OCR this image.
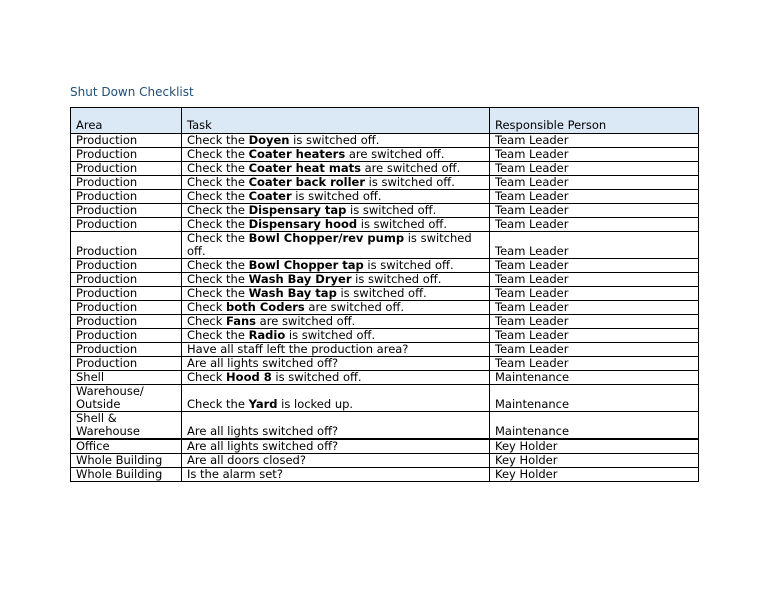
Shut Down Checklist
Area	Task	Responsible Person
Production	Check the Doyen is switched off.	Team Leader
Production	Check the Coater heaters are switched off.	Team Leader
Production	Check the Coater heat mats are switched off.	Team Leader
Production	Check the Coater back roller is switched off.	Team Leader
Production	Check the Coater is switched off.	Team Leader
Production	Check the Dispensary tap is switched off.	Team Leader
Production	Check the Dispensary hood is switched off.	Team Leader
Production	Check the Bowl Chopper/rev pump is switched off.	Team Leader
Production	Check the Bowl Chopper tap is switched off.	Team Leader
Production	Check the Wash Bay Dryer is switched off.	Team Leader
Production	Check the Wash Bay tap is switched off.	Team Leader
Production	Check both Coders are switched off.	Team Leader
Production	Check Fans are switched off.	Team Leader
Production	Check the Radio is switched off.	Team Leader
Production	Have all staff left the production area?	Team Leader
Production	Are all lights switched off?	Team Leader
Shell	Check Hood 8 is switched off.	Maintenance
Warehouse/ Outside	Check the Yard is locked up.	Maintenance
Shell & Warehouse	Are all lights switched off?	Maintenance
Office	Are all lights switched off?	Key Holder
Whole Building	Are all doors closed?	Key Holder
Whole Building	Is the alarm set?	Key Holder
